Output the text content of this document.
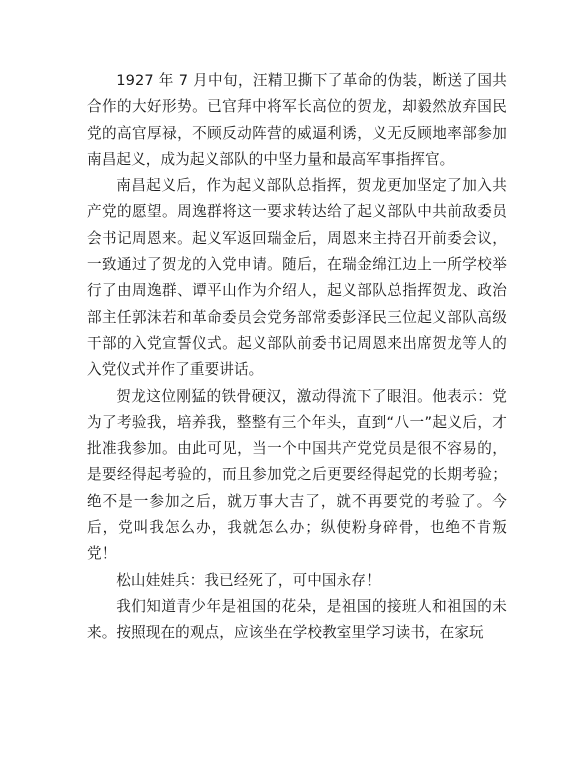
1927 年 7 月中旬，汪精卫撕下了革命的伪装，断送了国共合作的大好形势。已官拜中将军长高位的贺龙，却毅然放弃国民党的高官厚禄，不顾反动阵营的威逼利诱，义无反顾地率部参加南昌起义，成为起义部队的中坚力量和最高军事指挥官。

南昌起义后，作为起义部队总指挥，贺龙更加坚定了加入共产党的愿望。周逸群将这一要求转达给了起义部队中共前敌委员会书记周恩来。起义军返回瑞金后，周恩来主持召开前委会议，一致通过了贺龙的入党申请。随后，在瑞金绵江边上一所学校举行了由周逸群、谭平山作为介绍人，起义部队总指挥贺龙、政治部主任郭沫若和革命委员会党务部常委彭泽民三位起义部队高级干部的入党宣誓仪式。起义部队前委书记周恩来出席贺龙等人的入党仪式并作了重要讲话。

贺龙这位刚猛的铁骨硬汉，激动得流下了眼泪。他表示：党为了考验我，培养我，整整有三个年头，直到“八一”起义后，才批准我参加。由此可见，当一个中国共产党党员是很不容易的，是要经得起考验的，而且参加党之后更要经得起党的长期考验；绝不是一参加之后，就万事大吉了，就不再要党的考验了。今后，党叫我怎么办，我就怎么办；纵使粉身碎骨，也绝不肯叛党！

松山娃娃兵：我已经死了，可中国永存！

我们知道青少年是祖国的花朵，是祖国的接班人和祖国的未来。按照现在的观点，应该坐在学校教室里学习读书，在家玩
